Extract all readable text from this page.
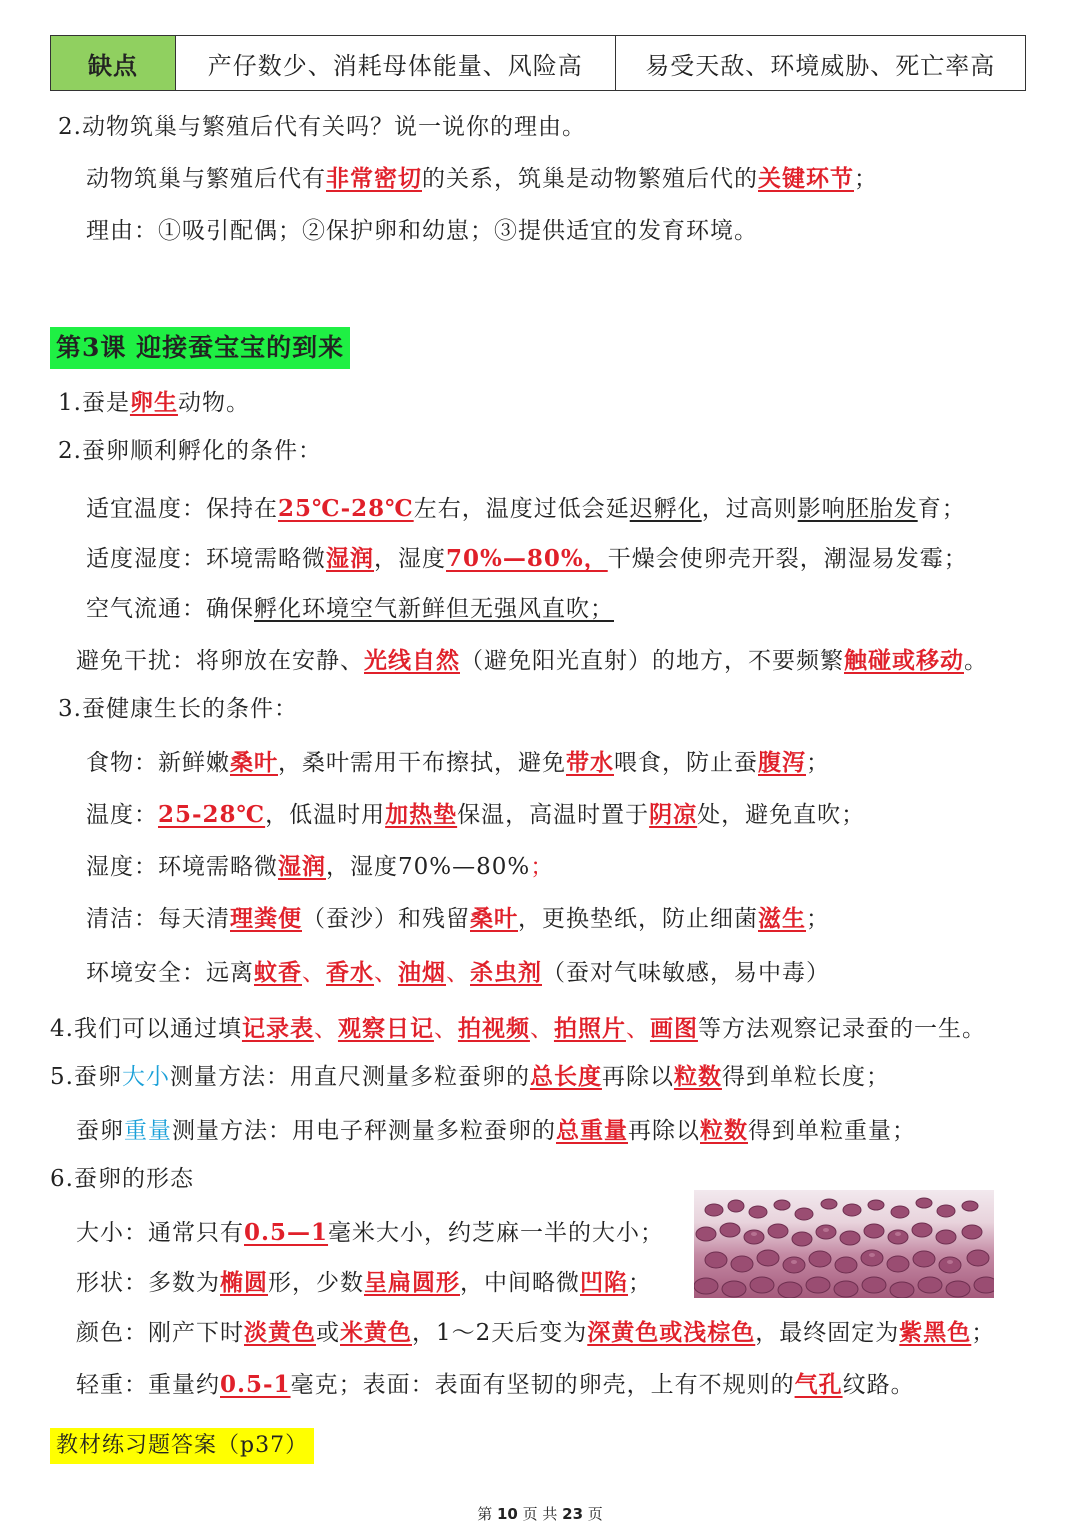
缺点	产仔数少、消耗母体能量、风险高	易受天敌、环境威胁、死亡率高
2.动物筑巢与繁殖后代有关吗？说一说你的理由。
动物筑巢与繁殖后代有非常密切的关系，筑巢是动物繁殖后代的关键环节；
理由：①吸引配偶；②保护卵和幼崽；③提供适宜的发育环境。
第3课 迎接蚕宝宝的到来
1.蚕是卵生动物。
2.蚕卵顺利孵化的条件：
适宜温度：保持在25℃-28℃左右，温度过低会延迟孵化，过高则影响胚胎发育；
适度湿度：环境需略微湿润，湿度70%—80%，干燥会使卵壳开裂，潮湿易发霉；
空气流通：确保孵化环境空气新鲜但无强风直吹；
避免干扰：将卵放在安静、光线自然（避免阳光直射）的地方，不要频繁触碰或移动。
3.蚕健康生长的条件：
食物：新鲜嫩桑叶，桑叶需用干布擦拭，避免带水喂食，防止蚕腹泻；
温度：25-28℃，低温时用加热垫保温，高温时置于阴凉处，避免直吹；
湿度：环境需略微湿润，湿度70%—80%；
清洁：每天清理粪便（蚕沙）和残留桑叶，更换垫纸，防止细菌滋生；
环境安全：远离蚊香、香水、油烟、杀虫剂（蚕对气味敏感，易中毒）
4.我们可以通过填记录表、观察日记、拍视频、拍照片、画图等方法观察记录蚕的一生。
5.蚕卵大小测量方法：用直尺测量多粒蚕卵的总长度再除以粒数得到单粒长度；
蚕卵重量测量方法：用电子秤测量多粒蚕卵的总重量再除以粒数得到单粒重量；
6.蚕卵的形态
大小：通常只有0.5—1毫米大小，约芝麻一半的大小；
形状：多数为椭圆形，少数呈扁圆形，中间略微凹陷；
颜色：刚产下时淡黄色或米黄色，1～2天后变为深黄色或浅棕色，最终固定为紫黑色；
轻重：重量约0.5-1毫克；表面：表面有坚韧的卵壳，上有不规则的气孔纹路。
教材练习题答案（p37）
第 10 页 共 23 页
